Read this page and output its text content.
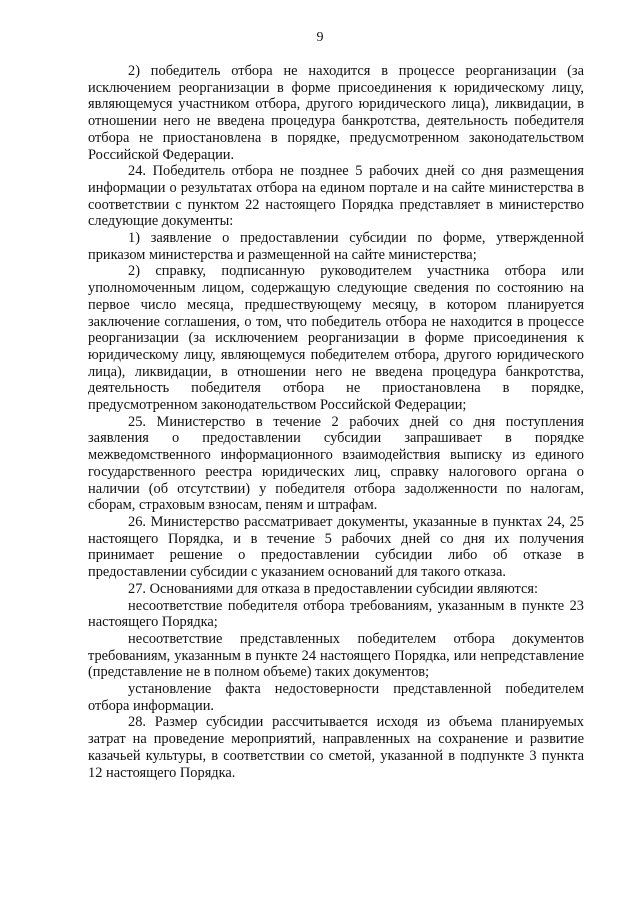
9

2) победитель отбора не находится в процессе реорганизации (за исключением реорганизации в форме присоединения к юридическому лицу, являющемуся участником отбора, другого юридического лица), ликвидации, в отношении него не введена процедура банкротства, деятельность победителя отбора не приостановлена в порядке, предусмотренном законодательством Российской Федерации.

24. Победитель отбора не позднее 5 рабочих дней со дня размещения информации о результатах отбора на едином портале и на сайте министерства в соответствии с пунктом 22 настоящего Порядка представляет в министерство следующие документы:

1) заявление о предоставлении субсидии по форме, утвержденной приказом министерства и размещенной на сайте министерства;

2) справку, подписанную руководителем участника отбора или уполномоченным лицом, содержащую следующие сведения по состоянию на первое число месяца, предшествующему месяцу, в котором планируется заключение соглашения, о том, что победитель отбора не находится в процессе реорганизации (за исключением реорганизации в форме присоединения к юридическому лицу, являющемуся победителем отбора, другого юридического лица), ликвидации, в отношении него не введена процедура банкротства, деятельность победителя отбора не приостановлена в порядке, предусмотренном законодательством Российской Федерации;

25. Министерство в течение 2 рабочих дней со дня поступления заявления о предоставлении субсидии запрашивает в порядке межведомственного информационного взаимодействия выписку из единого государственного реестра юридических лиц, справку налогового органа о наличии (об отсутствии) у победителя отбора задолженности по налогам, сборам, страховым взносам, пеням и штрафам.

26. Министерство рассматривает документы, указанные в пунктах 24, 25 настоящего Порядка, и в течение 5 рабочих дней со дня их получения принимает решение о предоставлении субсидии либо об отказе в предоставлении субсидии с указанием оснований для такого отказа.

27. Основаниями для отказа в предоставлении субсидии являются:

несоответствие победителя отбора требованиям, указанным в пункте 23 настоящего Порядка;

несоответствие представленных победителем отбора документов требованиям, указанным в пункте 24 настоящего Порядка, или непредставление (представление не в полном объеме) таких документов;

установление факта недостоверности представленной победителем отбора информации.

28. Размер субсидии рассчитывается исходя из объема планируемых затрат на проведение мероприятий, направленных на сохранение и развитие казачьей культуры, в соответствии со сметой, указанной в подпункте 3 пункта 12 настоящего Порядка.
